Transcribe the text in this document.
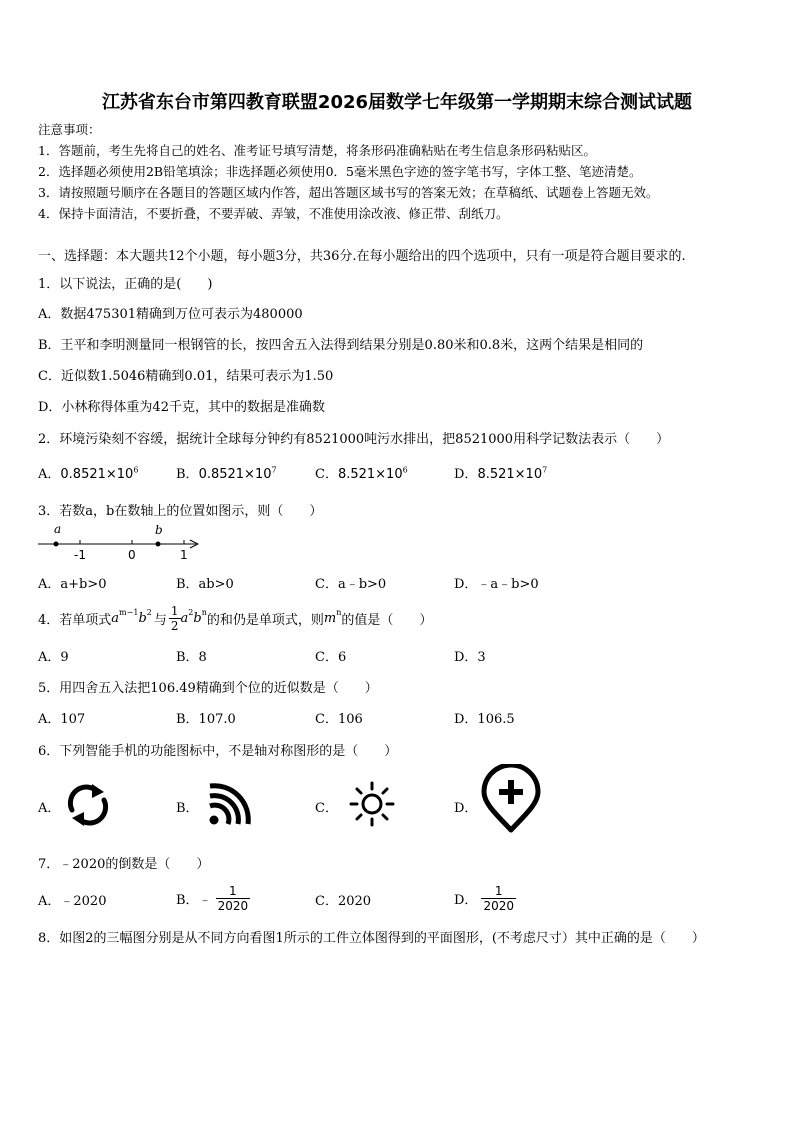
江苏省东台市第四教育联盟2026届数学七年级第一学期期末综合测试试题
注意事项：
1．答题前，考生先将自己的姓名、准考证号填写清楚，将条形码准确粘贴在考生信息条形码粘贴区。
2．选择题必须使用2B铅笔填涂；非选择题必须使用0．5毫米黑色字迹的签字笔书写，字体工整、笔迹清楚。
3．请按照题号顺序在各题目的答题区域内作答，超出答题区域书写的答案无效；在草稿纸、试题卷上答题无效。
4．保持卡面清洁，不要折叠，不要弄破、弄皱，不准使用涂改液、修正带、刮纸刀。
一、选择题：本大题共12个小题，每小题3分，共36分.在每小题给出的四个选项中，只有一项是符合题目要求的.
1．以下说法，正确的是(　　)
A．数据475301精确到万位可表示为480000
B．王平和李明测量同一根钢管的长，按四舍五入法得到结果分别是0.80米和0.8米，这两个结果是相同的
C．近似数1.5046精确到0.01，结果可表示为1.50
D．小林称得体重为42千克，其中的数据是准确数
2．环境污染刻不容缓，据统计全球每分钟约有8521000吨污水排出，把8521000用科学记数法表示（　　）
A．$0.8521\times 10^6$	B．$0.8521\times 10^7$	C．$8.521\times 10^6$	D．$8.521\times 10^7$
3．若数a，b在数轴上的位置如图示，则（　　）
a	b
-1	0	1
A．a+b>0	B．ab>0	C．a﹣b>0	D．﹣a﹣b>0
4．若单项式 $a^{m-1}$ $b^2$
与 $\frac{1}{2} a^2$ $b^n$
的和仍是单项式，则 $m^n$
的值是（　　）
A．9	B．8	C．6	D．3
5．用四舍五入法把106.49精确到个位的近似数是（　　）
A．107	B．107.0	C．106	D．106.5
6．下列智能手机的功能图标中，不是轴对称图形的是（　　）
A．	B．	C．	D．
7．﹣2020的倒数是（　　）
A．﹣2020	B．﹣ $\frac{1}{2020}$	C．2020	D． $\frac{1}{2020}$
8．如图2的三幅图分别是从不同方向看图1所示的工件立体图得到的平面图形，(不考虑尺寸）其中正确的是（　　）
